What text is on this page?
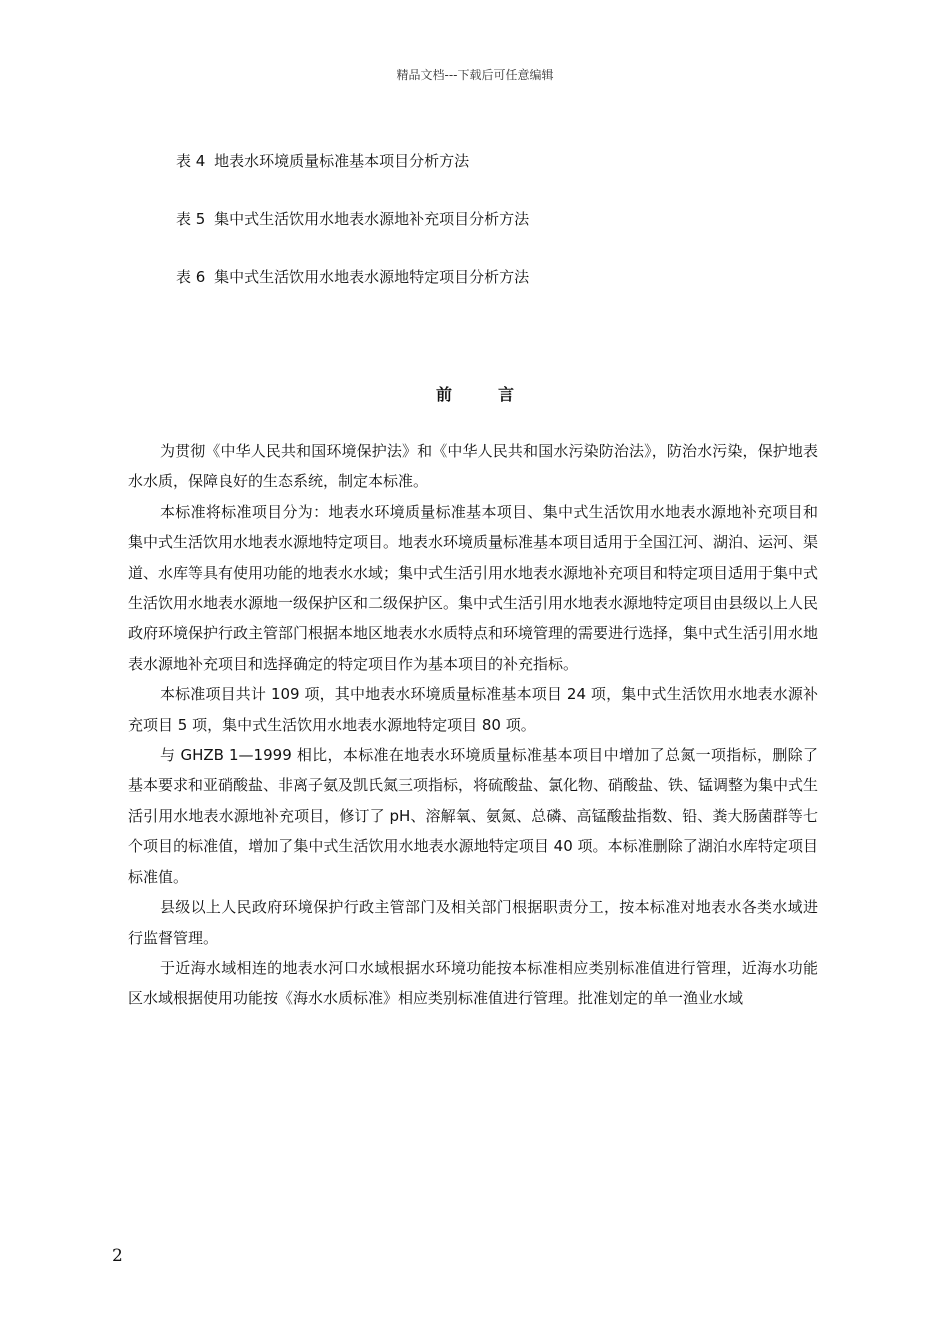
精品文档---下载后可任意编辑
表 4 地表水环境质量标准基本项目分析方法
表 5 集中式生活饮用水地表水源地补充项目分析方法
表 6 集中式生活饮用水地表水源地特定项目分析方法
前言

为贯彻《中华人民共和国环境保护法》和《中华人民共和国水污染防治法》，防治水污染，保护地表水水质，保障良好的生态系统，制定本标准。

本标准将标准项目分为：地表水环境质量标准基本项目、集中式生活饮用水地表水源地补充项目和集中式生活饮用水地表水源地特定项目。地表水环境质量标准基本项目适用于全国江河、湖泊、运河、渠道、水库等具有使用功能的地表水水域；集中式生活引用水地表水源地补充项目和特定项目适用于集中式生活饮用水地表水源地一级保护区和二级保护区。集中式生活引用水地表水源地特定项目由县级以上人民政府环境保护行政主管部门根据本地区地表水水质特点和环境管理的需要进行选择，集中式生活引用水地表水源地补充项目和选择确定的特定项目作为基本项目的补充指标。

本标准项目共计 109 项，其中地表水环境质量标准基本项目 24 项，集中式生活饮用水地表水源补充项目 5 项，集中式生活饮用水地表水源地特定项目 80 项。

与 GHZB 1—1999 相比，本标准在地表水环境质量标准基本项目中增加了总氮一项指标，删除了基本要求和亚硝酸盐、非离子氨及凯氏氮三项指标，将硫酸盐、氯化物、硝酸盐、铁、锰调整为集中式生活引用水地表水源地补充项目，修订了 pH、溶解氧、氨氮、总磷、高锰酸盐指数、铅、粪大肠菌群等七个项目的标准值，增加了集中式生活饮用水地表水源地特定项目 40 项。本标准删除了湖泊水库特定项目标准值。

县级以上人民政府环境保护行政主管部门及相关部门根据职责分工，按本标准对地表水各类水域进行监督管理。

于近海水域相连的地表水河口水域根据水环境功能按本标准相应类别标准值进行管理，近海水功能区水域根据使用功能按《海水水质标准》相应类别标准值进行管理。批准划定的单一渔业水域

2
